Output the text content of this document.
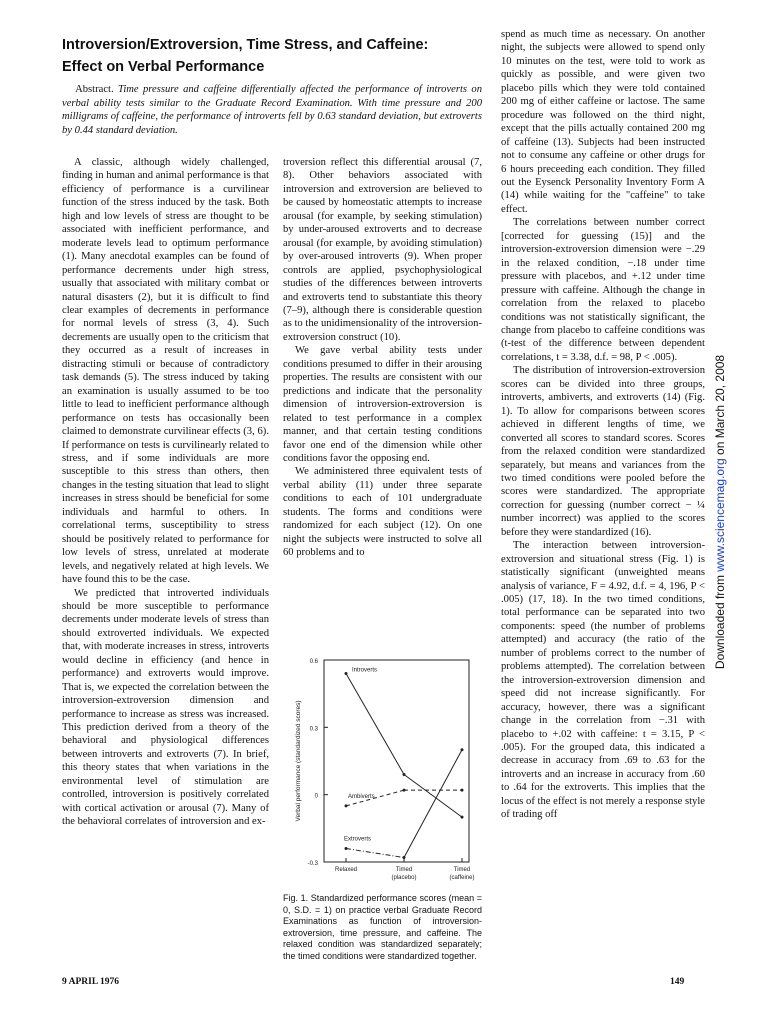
Introversion/Extroversion, Time Stress, and Caffeine:
Effect on Verbal Performance
Abstract. Time pressure and caffeine differentially affected the performance of introverts on verbal ability tests similar to the Graduate Record Examination. With time pressure and 200 milligrams of caffeine, the performance of introverts fell by 0.63 standard deviation, but extroverts by 0.44 standard deviation.

A classic, although widely challenged, finding in human and animal performance is that efficiency of performance is a curvilinear function of the stress induced by the task. Both high and low levels of stress are thought to be associated with inefficient performance, and moderate levels lead to optimum performance (1). Many anecdotal examples can be found of performance decrements under high stress, usually that associated with military combat or natural disasters (2), but it is difficult to find clear examples of decrements in performance for normal levels of stress (3, 4). Such decrements are usually open to the criticism that they occurred as a result of increases in distracting stimuli or because of contradictory task demands (5). The stress induced by taking an examination is usually assumed to be too little to lead to inefficient performance although performance on tests has occasionally been claimed to demonstrate curvilinear effects (3, 6). If performance on tests is curvilinearly related to stress, and if some individuals are more susceptible to this stress than others, then changes in the testing situation that lead to slight increases in stress should be beneficial for some individuals and harmful to others. In correlational terms, susceptibility to stress should be positively related to performance for low levels of stress, unrelated at moderate levels, and negatively related at high levels. We have found this to be the case.

We predicted that introverted individuals should be more susceptible to performance decrements under moderate levels of stress than should extroverted individuals. We expected that, with moderate increases in stress, introverts would decline in efficiency (and hence in performance) and extroverts would improve. That is, we expected the correlation between the introversion-extroversion dimension and performance to increase as stress was increased. This prediction derived from a theory of the behavioral and physiological differences between introverts and extroverts (7). In brief, this theory states that when variations in the environmental level of stimulation are controlled, introversion is positively correlated with cortical activation or arousal (7). Many of the behavioral correlates of introversion and ex-

troversion reflect this differential arousal (7, 8). Other behaviors associated with introversion and extroversion are believed to be caused by homeostatic attempts to increase arousal (for example, by seeking stimulation) by under-aroused extroverts and to decrease arousal (for example, by avoiding stimulation) by over-aroused introverts (9). When proper controls are applied, psychophysiological studies of the differences between introverts and extroverts tend to substantiate this theory (7–9), although there is considerable question as to the unidimensionality of the introversion-extroversion construct (10).

We gave verbal ability tests under conditions presumed to differ in their arousing properties. The results are consistent with our predictions and indicate that the personality dimension of introversion-extroversion is related to test performance in a complex manner, and that certain testing conditions favor one end of the dimension while other conditions favor the opposing end.

We administered three equivalent tests of verbal ability (11) under three separate conditions to each of 101 undergraduate students. The forms and conditions were randomized for each subject (12). On one night the subjects were instructed to solve all 60 problems and to

spend as much time as necessary. On another night, the subjects were allowed to spend only 10 minutes on the test, were told to work as quickly as possible, and were given two placebo pills which they were told contained 200 mg of either caffeine or lactose. The same procedure was followed on the third night, except that the pills actually contained 200 mg of caffeine (13). Subjects had been instructed not to consume any caffeine or other drugs for 6 hours preceeding each condition. They filled out the Eysenck Personality Inventory Form A (14) while waiting for the "caffeine" to take effect.

The correlations between number correct [corrected for guessing (15)] and the introversion-extroversion dimension were −.29 in the relaxed condition, −.18 under time pressure with placebos, and +.12 under time pressure with caffeine. Although the change in correlation from the relaxed to placebo conditions was not statistically significant, the change from placebo to caffeine conditions was (t-test of the difference between dependent correlations, t = 3.38, d.f. = 98, P < .005).

The distribution of introversion-extroversion scores can be divided into three groups, introverts, ambiverts, and extroverts (14) (Fig. 1). To allow for comparisons between scores achieved in different lengths of time, we converted all scores to standard scores. Scores from the relaxed condition were standardized separately, but means and variances from the two timed conditions were pooled before the scores were standardized. The appropriate correction for guessing (number correct − ¼ number incorrect) was applied to the scores before they were standardized (16).

The interaction between introversion-extroversion and situational stress (Fig. 1) is statistically significant (unweighted means analysis of variance, F = 4.92, d.f. = 4, 196, P < .005) (17, 18). In the two timed conditions, total performance can be separated into two components: speed (the number of problems attempted) and accuracy (the ratio of the number of problems correct to the number of problems attempted). The correlation between the introversion-extroversion dimension and speed did not increase significantly. For accuracy, however, there was a significant change in the correlation from −.31 with placebo to +.02 with caffeine: t = 3.15, P < .005). For the grouped data, this indicated a decrease in accuracy from .69 to .63 for the introverts and an increase in accuracy from .60 to .64 for the extroverts. This implies that the locus of the effect is not merely a response style of trading off

-0.3
0
0.3
0.6
Verbal performance (standardized scores)
Relaxed	Timed
(placebo)
Timed
(caffeine)
Introverts
Ambiverts
Extroverts
Fig. 1. Standardized performance scores (mean = 0, S.D. = 1) on practice verbal Graduate Record Examinations as function of introversion-extroversion, time pressure, and caffeine. The relaxed condition was standardized separately; the timed conditions were standardized together.
9 APRIL 1976	149
Downloaded from www.sciencemag.org on March 20, 2008
